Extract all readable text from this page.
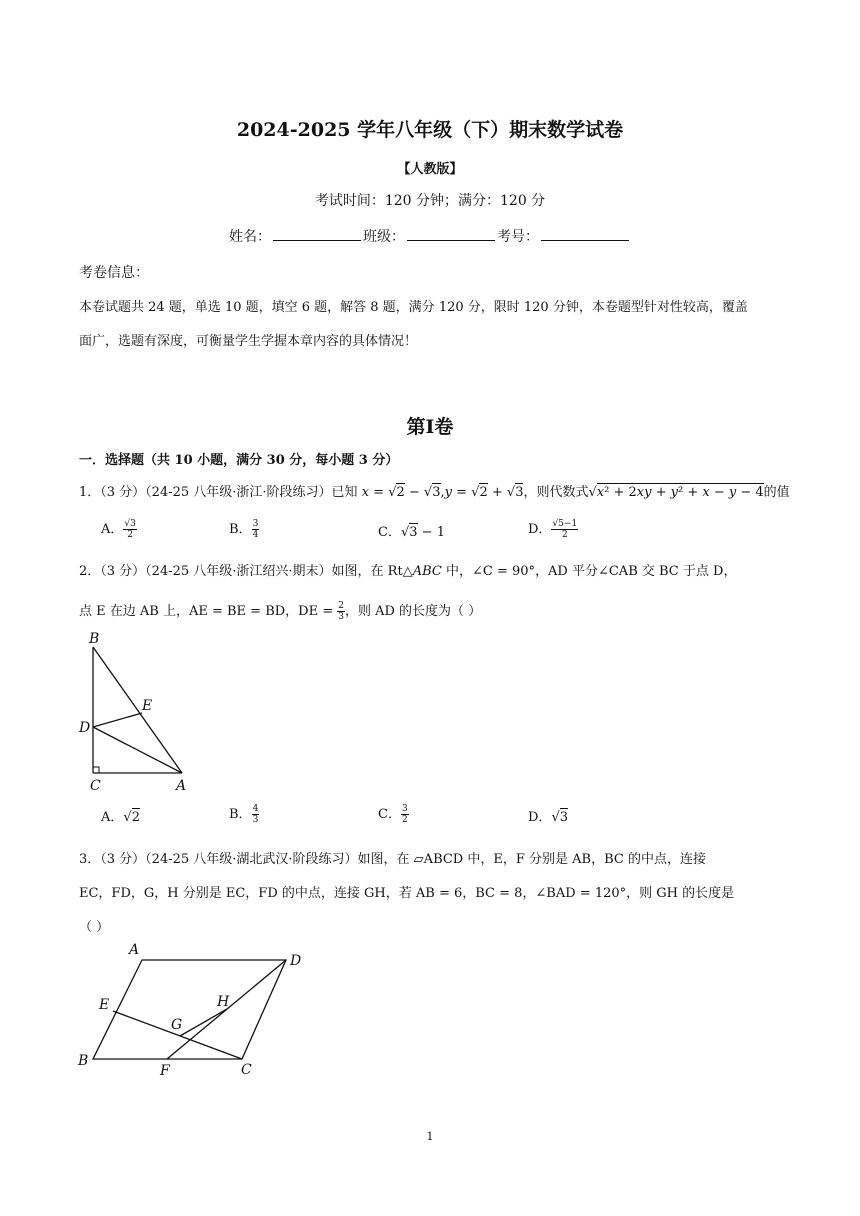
2024-2025 学年八年级（下）期末数学试卷
【人教版】
考试时间：120 分钟；满分：120 分
姓名：	班级：	考号：
考卷信息：
本卷试题共 24 题，单选 10 题，填空 6 题，解答 8 题，满分 120 分，限时 120 分钟，本卷题型针对性较高，覆盖
面广，选题有深度，可衡量学生学握本章内容的具体情况！
第Ⅰ卷
一．选择题（共 10 小题，满分 30 分，每小题 3 分）
1．（3 分）（24-25 八年级·浙江·阶段练习）已知 x = √2 − √3,y = √2 + √3，则代数式√x² + 2xy + y² + x − y − 4的值
A． $\frac{√3}{2}$	B． $\frac{3}{4}$	C．√3 − 1	D． $\frac{√5-1}{2}$
2．（3 分）（24-25 八年级·浙江绍兴·期末）如图，在 Rt△ABC 中，∠C = 90°，AD 平分∠CAB 交 BC 于点 D，
点 E 在边 AB 上，AE = BE = BD，DE = $\frac{2}{3}$ ，则 AD 的长度为（ ）
B
E
D
C	A
A．√2	B． $\frac{4}{3}$	C． $\frac{3}{2}$	D．√3
3．（3 分）（24-25 八年级·湖北武汉·阶段练习）如图，在 ▱ABCD 中，E，F 分别是 AB，BC 的中点，连接
EC，FD，G，H 分别是 EC，FD 的中点，连接 GH，若 AB = 6，BC = 8，∠BAD = 120°，则 GH 的长度是
（ ）
A
D
E	H
G
B
F	C
1
